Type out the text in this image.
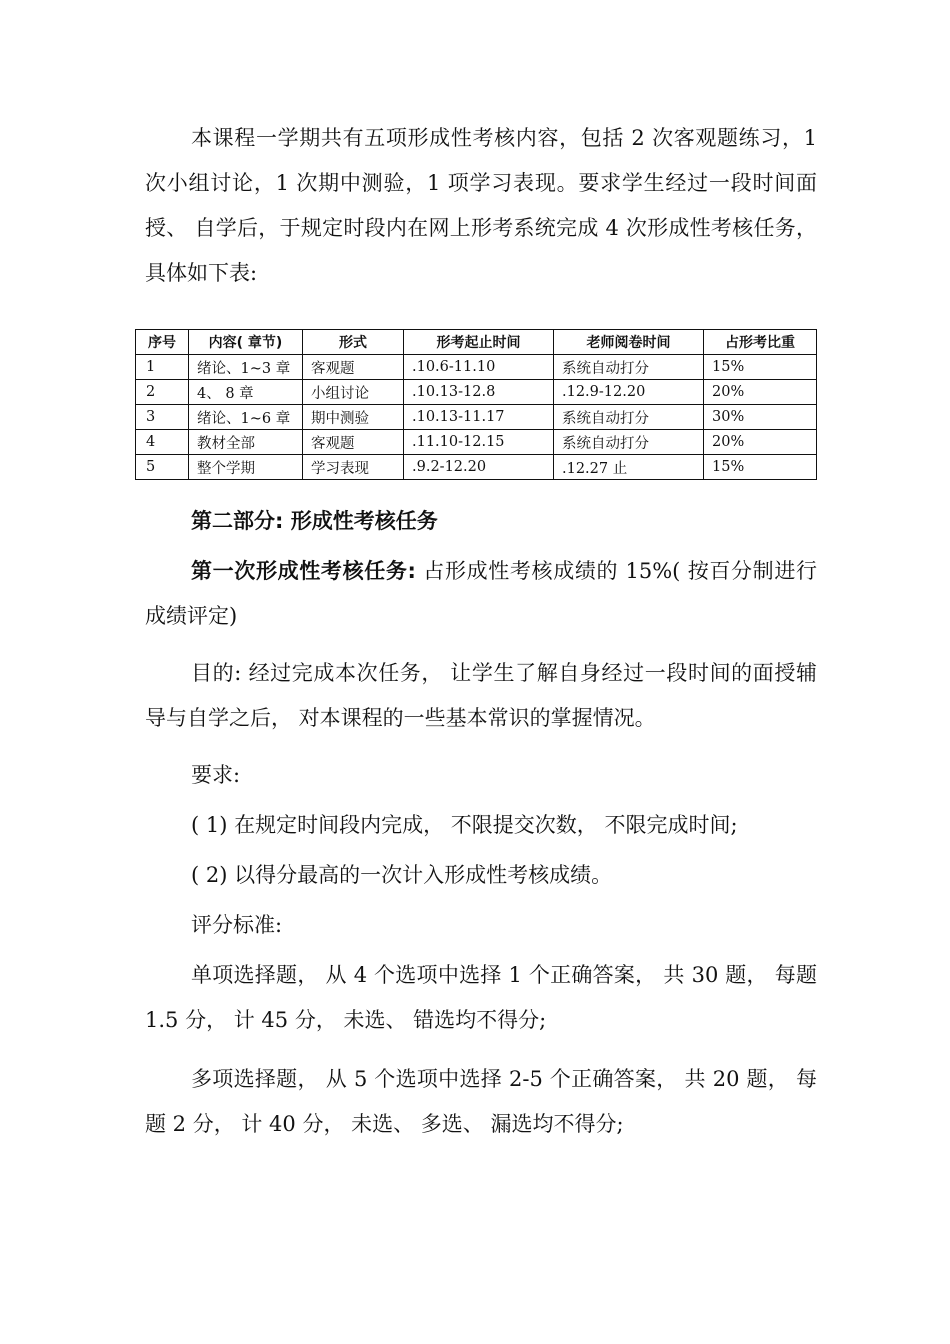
本课程一学期共有五项形成性考核内容，包括 2 次客观题练习，1 次小组讨论，1 次期中测验，1 项学习表现。要求学生经过一段时间面授、 自学后，于规定时段内在网上形考系统完成 4 次形成性考核任务，具体如下表:

序号	内容( 章节)	形式	形考起止时间	老师阅卷时间	占形考比重
1	绪论、1~3 章	客观题	.10.6-11.10	系统自动打分	15%
2	4、 8 章	小组讨论	.10.13-12.8	.12.9-12.20	20%
3	绪论、1~6 章	期中测验	.10.13-11.17	系统自动打分	30%
4	教材全部	客观题	.11.10-12.15	系统自动打分	20%
5	整个学期	学习表现	.9.2-12.20	.12.27 止	15%

第二部分: 形成性考核任务

第一次形成性考核任务: 占形成性考核成绩的 15%( 按百分制进行成绩评定)

目的: 经过完成本次任务， 让学生了解自身经过一段时间的面授辅导与自学之后， 对本课程的一些基本常识的掌握情况。

要求:

( 1) 在规定时间段内完成， 不限提交次数， 不限完成时间;

( 2) 以得分最高的一次计入形成性考核成绩。

评分标准:

单项选择题， 从 4 个选项中选择 1 个正确答案， 共 30 题， 每题 1.5 分， 计 45 分， 未选、 错选均不得分;

多项选择题， 从 5 个选项中选择 2-5 个正确答案， 共 20 题， 每题 2 分， 计 40 分， 未选、 多选、 漏选均不得分;
